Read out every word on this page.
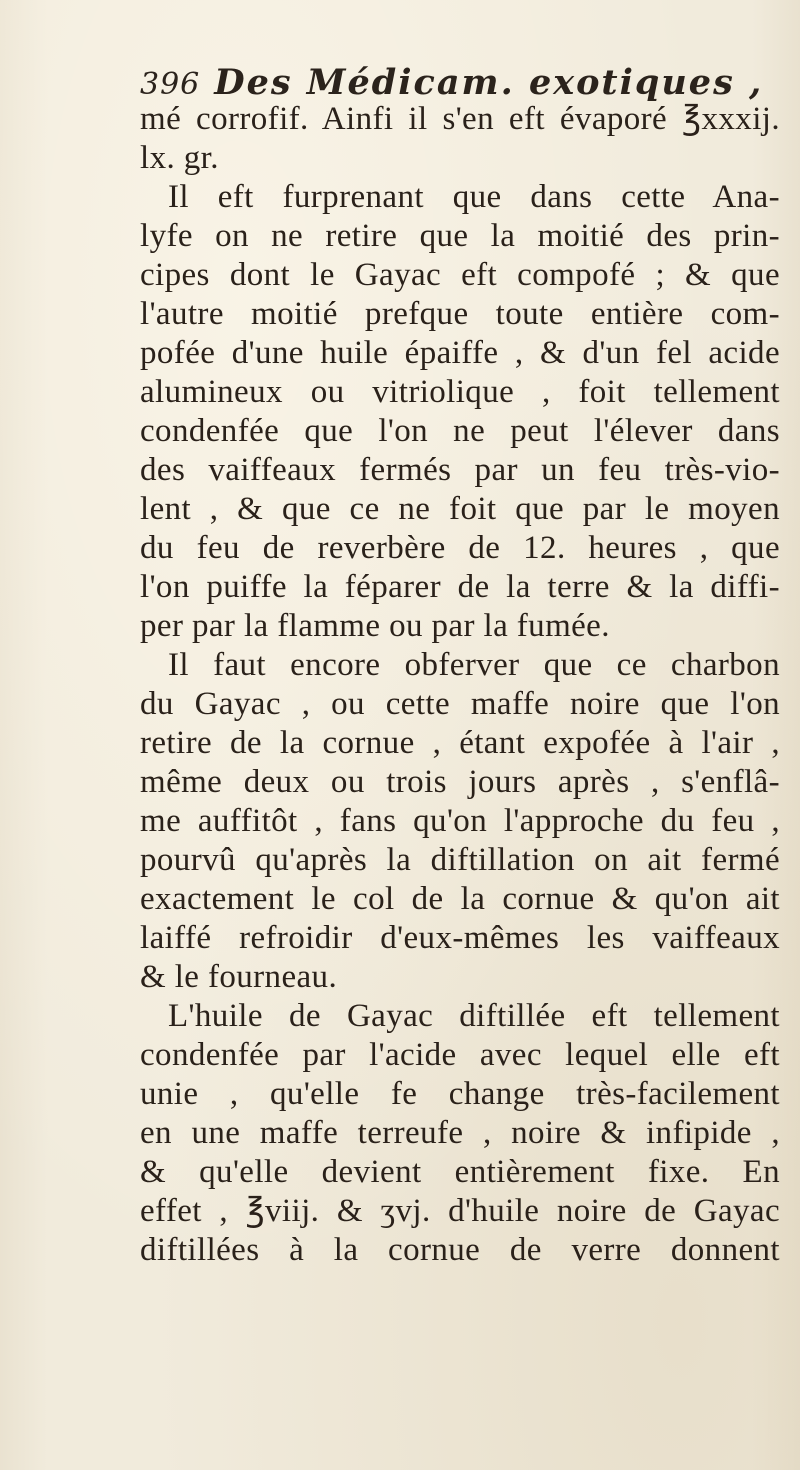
396 Des Médicam. exotiques ,
mé corrofif. Ainfi il s'en eft évaporé ℥xxxij.
lx. gr.
Il eft furprenant que dans cette Ana-
lyfe on ne retire que la moitié des prin-
cipes dont le Gayac eft compofé ; & que
l'autre moitié prefque toute entière com-
pofée d'une huile épaiffe , & d'un fel acide
alumineux ou vitriolique , foit tellement
condenfée que l'on ne peut l'élever dans
des vaiffeaux fermés par un feu très-vio-
lent , & que ce ne foit que par le moyen
du feu de reverbère de 12. heures , que
l'on puiffe la féparer de la terre & la diffi-
per par la flamme ou par la fumée.
Il faut encore obferver que ce charbon
du Gayac , ou cette maffe noire que l'on
retire de la cornue , étant expofée à l'air ,
même deux ou trois jours après , s'enflâ-
me auffitôt , fans qu'on l'approche du feu ,
pourvû qu'après la diftillation on ait fermé
exactement le col de la cornue & qu'on ait
laiffé refroidir d'eux-mêmes les vaiffeaux
& le fourneau.
L'huile de Gayac diftillée eft tellement
condenfée par l'acide avec lequel elle eft
unie , qu'elle fe change très-facilement
en une maffe terreufe , noire & infipide ,
& qu'elle devient entièrement fixe. En
effet , ℥viij. & ʒvj. d'huile noire de Gayac
diftillées à la cornue de verre donnent
